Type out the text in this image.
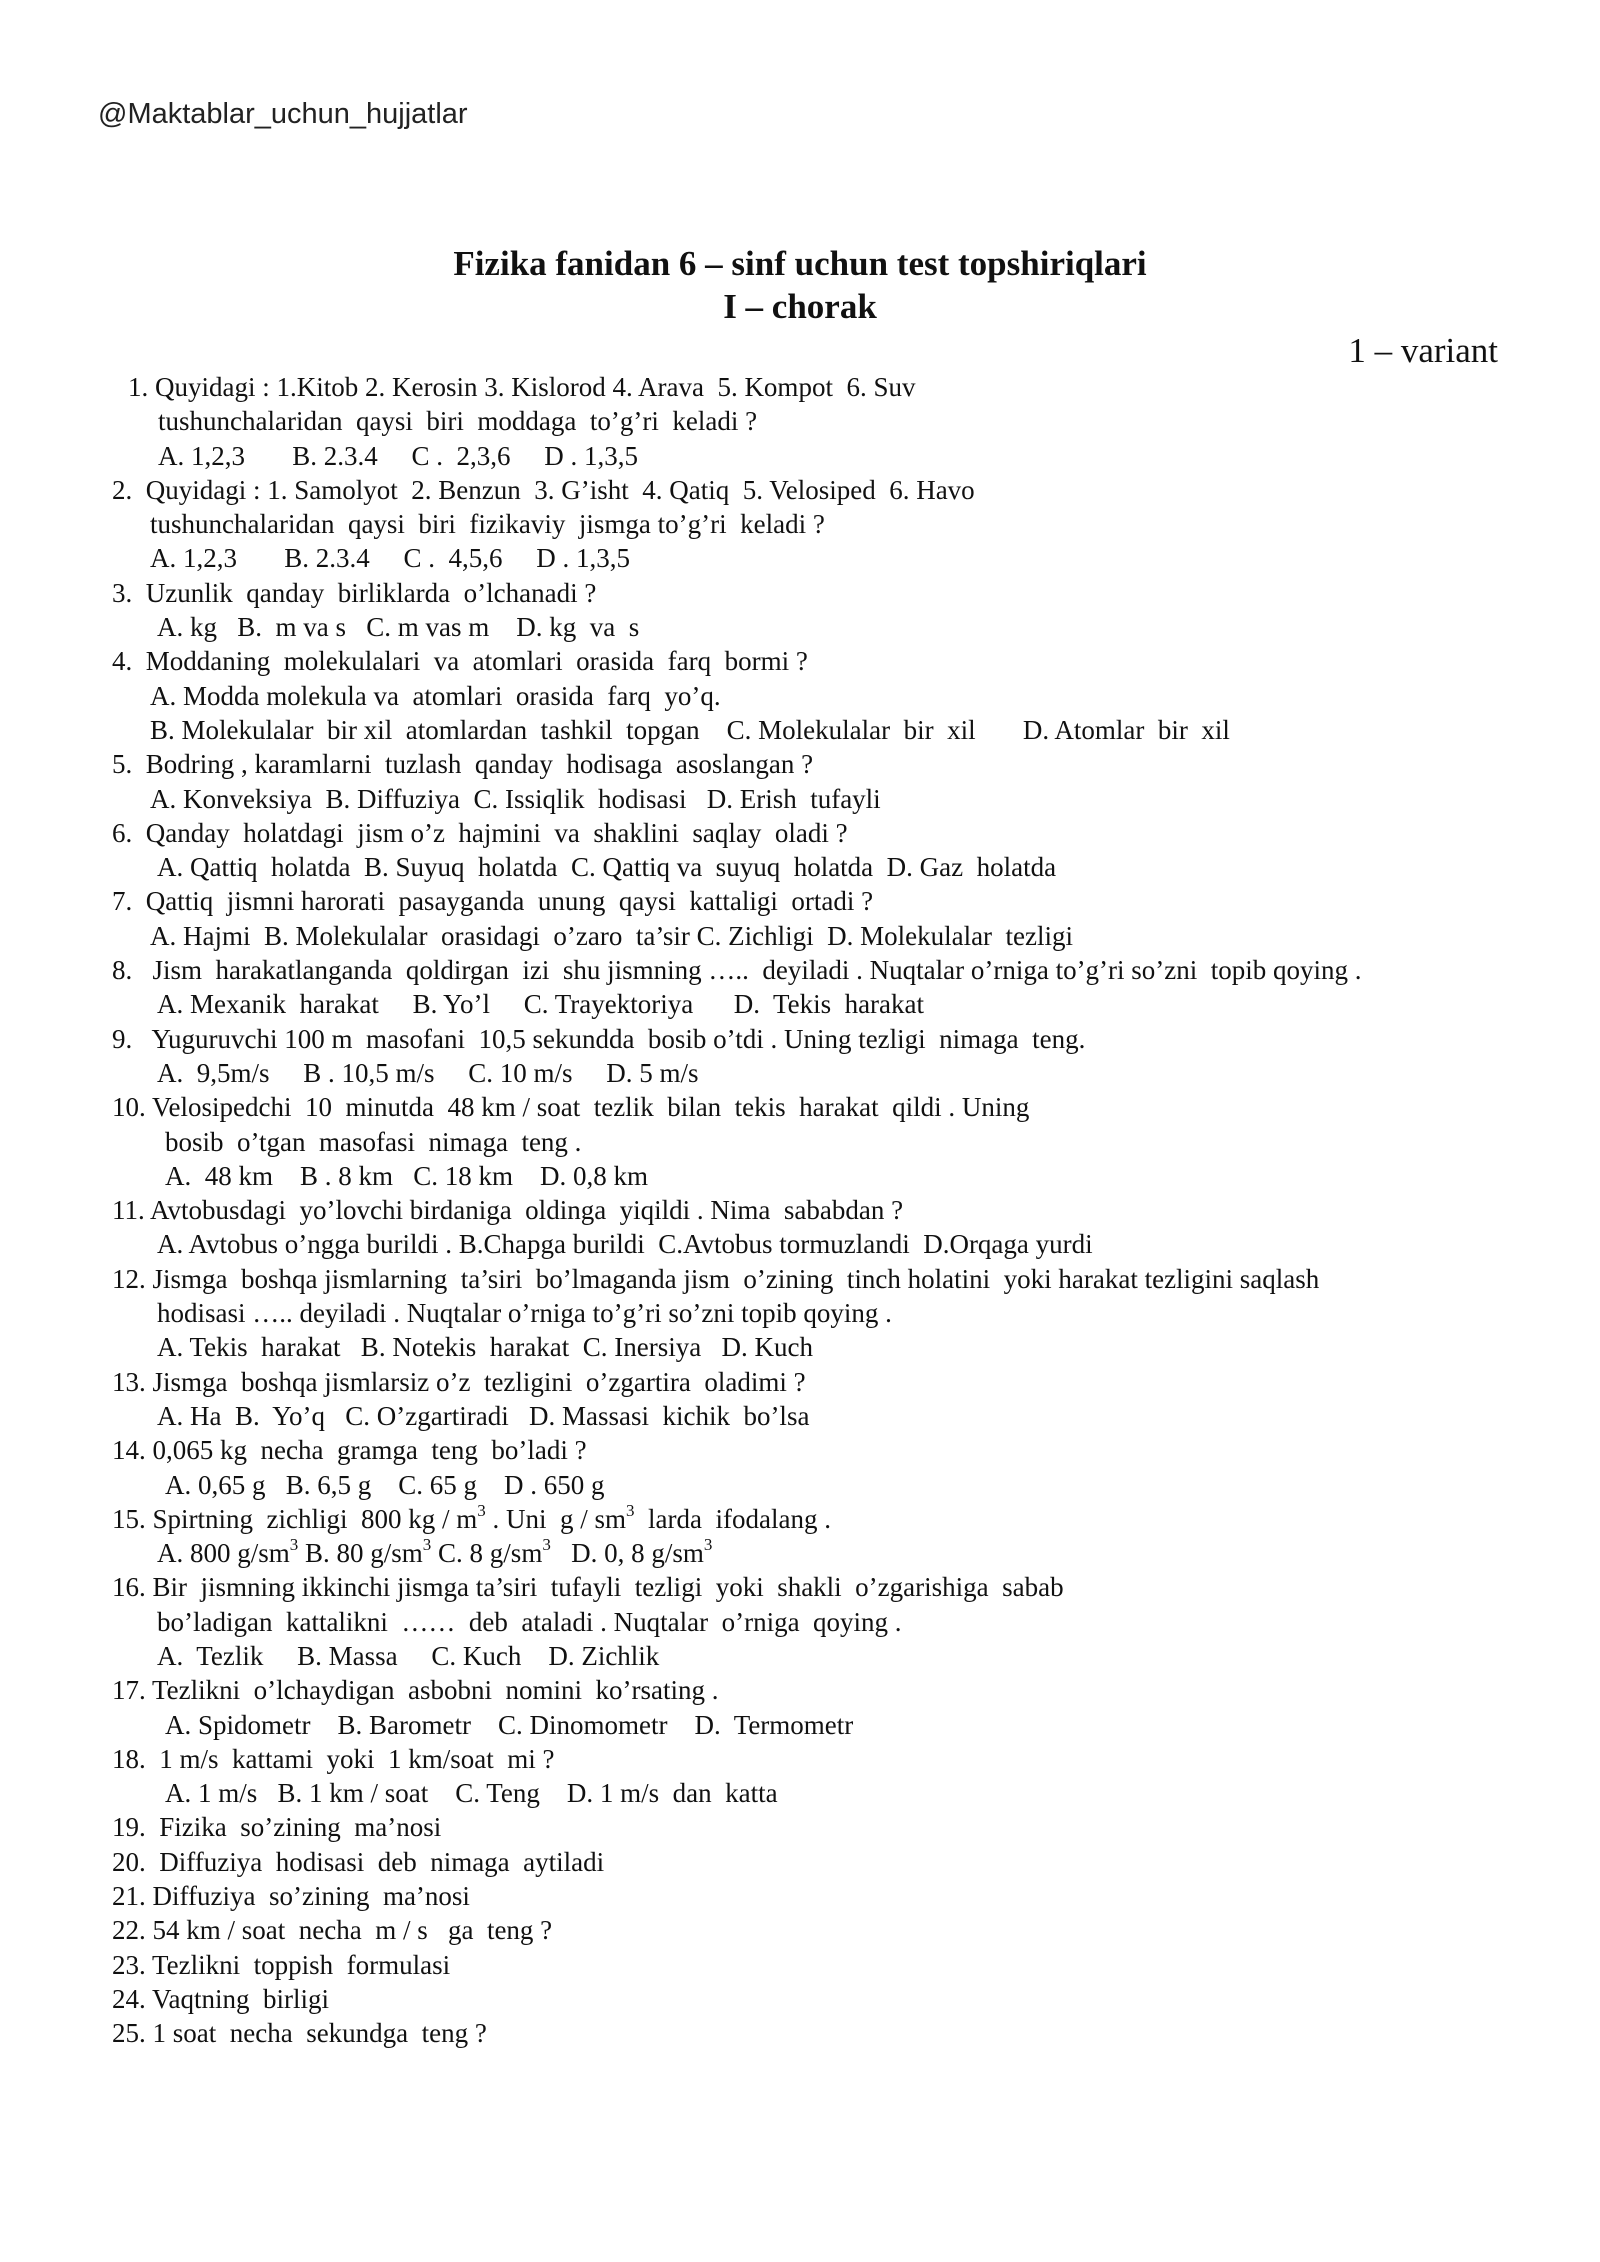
@Maktablar_uchun_hujjatlar
Fizika fanidan 6 – sinf uchun test topshiriqlari
I – chorak
1 – variant
1. Quyidagi : 1.Kitob 2. Kerosin 3. Kislorod 4. Arava  5. Kompot  6. Suv
tushunchalaridan  qaysi  biri  moddaga  to’g’ri  keladi ?
A. 1,2,3       B. 2.3.4     C .  2,3,6     D . 1,3,5
2.  Quyidagi : 1. Samolyot  2. Benzun  3. G’isht  4. Qatiq  5. Velosiped  6. Havo
tushunchalaridan  qaysi  biri  fizikaviy  jismga to’g’ri  keladi ?
A. 1,2,3       B. 2.3.4     C .  4,5,6     D . 1,3,5
3.  Uzunlik  qanday  birliklarda  o’lchanadi ?
A. kg   B.  m va s   C. m vas m    D. kg  va  s
4.  Moddaning  molekulalari  va  atomlari  orasida  farq  bormi ?
A. Modda molekula va  atomlari  orasida  farq  yo’q.
B. Molekulalar  bir xil  atomlardan  tashkil  topgan    C. Molekulalar  bir  xil       D. Atomlar  bir  xil
5.  Bodring , karamlarni  tuzlash  qanday  hodisaga  asoslangan ?
A. Konveksiya  B. Diffuziya  C. Issiqlik  hodisasi   D. Erish  tufayli
6.  Qanday  holatdagi  jism o’z  hajmini  va  shaklini  saqlay  oladi ?
A. Qattiq  holatda  B. Suyuq  holatda  C. Qattiq va  suyuq  holatda  D. Gaz  holatda
7.  Qattiq  jismni harorati  pasayganda  unung  qaysi  kattaligi  ortadi ?
A. Hajmi  B. Molekulalar  orasidagi  o’zaro  ta’sir C. Zichligi  D. Molekulalar  tezligi
8.   Jism  harakatlanganda  qoldirgan  izi  shu jismning …..  deyiladi . Nuqtalar o’rniga to’g’ri so’zni  topib qoying .
A. Mexanik  harakat     B. Yo’l     C. Trayektoriya      D.  Tekis  harakat
9.   Yuguruvchi 100 m  masofani  10,5 sekundda  bosib o’tdi . Uning tezligi  nimaga  teng.
A.  9,5m/s     B . 10,5 m/s     C. 10 m/s     D. 5 m/s
10. Velosipedchi  10  minutda  48 km / soat  tezlik  bilan  tekis  harakat  qildi . Uning
bosib  o’tgan  masofasi  nimaga  teng .
A.  48 km    B . 8 km   C. 18 km    D. 0,8 km
11. Avtobusdagi  yo’lovchi birdaniga  oldinga  yiqildi . Nima  sababdan ?
A. Avtobus o’ngga burildi . B.Chapga burildi  C.Avtobus tormuzlandi  D.Orqaga yurdi
12. Jismga  boshqa jismlarning  ta’siri  bo’lmaganda jism  o’zining  tinch holatini  yoki harakat tezligini saqlash
hodisasi ….. deyiladi . Nuqtalar o’rniga to’g’ri so’zni topib qoying .
A. Tekis  harakat   B. Notekis  harakat  C. Inersiya   D. Kuch
13. Jismga  boshqa jismlarsiz o’z  tezligini  o’zgartira  oladimi ?
A. Ha  B.  Yo’q   C. O’zgartiradi   D. Massasi  kichik  bo’lsa
14. 0,065 kg  necha  gramga  teng  bo’ladi ?
A. 0,65 g   B. 6,5 g    C. 65 g    D . 650 g
15. Spirtning  zichligi  800 kg / $m^3$ . Uni  g / $sm^3$  larda  ifodalang .
A. 800 $g/sm^3$ B. 80 $g/sm^3$ C. 8 $g/sm^3$   D. 0, 8 $g/sm^3$
16. Bir  jismning ikkinchi jismga ta’siri  tufayli  tezligi  yoki  shakli  o’zgarishiga  sabab
bo’ladigan  kattalikni  ……  deb  ataladi . Nuqtalar  o’rniga  qoying .
A.  Tezlik     B. Massa     C. Kuch    D. Zichlik
17. Tezlikni  o’lchaydigan  asbobni  nomini  ko’rsating .
A. Spidometr    B. Barometr    C. Dinomometr    D.  Termometr
18.  1 m/s  kattami  yoki  1 km/soat  mi ?
A. 1 m/s   B. 1 km / soat    C. Teng    D. 1 m/s  dan  katta
19.  Fizika  so’zining  ma’nosi
20.  Diffuziya  hodisasi  deb  nimaga  aytiladi
21. Diffuziya  so’zining  ma’nosi
22. 54 km / soat  necha  m / s   ga  teng ?
23. Tezlikni  toppish  formulasi
24. Vaqtning  birligi
25. 1 soat  necha  sekundga  teng ?
